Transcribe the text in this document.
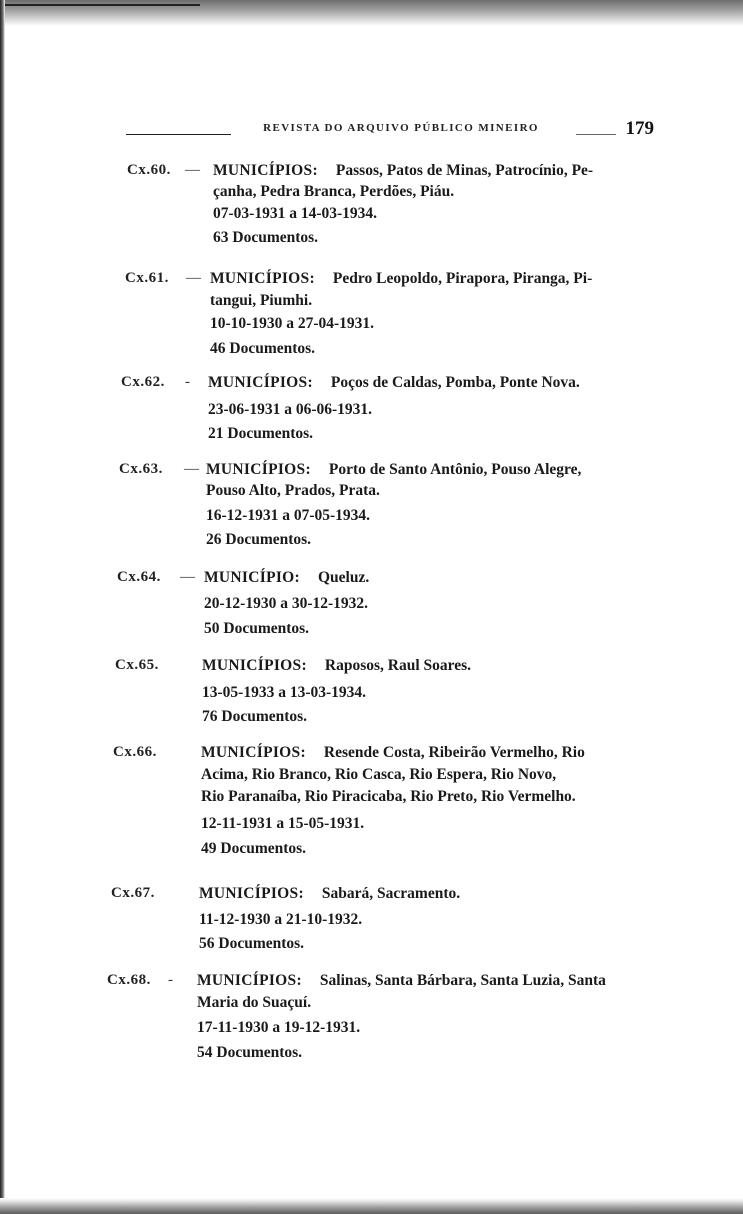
REVISTA DO ARQUIVO PÚBLICO MINEIRO	179
Cx.60. — MUNICÍPIOS: Passos, Patos de Minas, Patrocínio, Pe-
çanha, Pedra Branca, Perdões, Piáu.
07-03-1931 a 14-03-1934.
63 Documentos.
Cx.61. — MUNICÍPIOS: Pedro Leopoldo, Pirapora, Piranga, Pi-
tangui, Piumhi.
10-10-1930 a 27-04-1931.
46 Documentos.
Cx.62. - MUNICÍPIOS: Poços de Caldas, Pomba, Ponte Nova.
23-06-1931 a 06-06-1931.
21 Documentos.
Cx.63. — MUNICÍPIOS: Porto de Santo Antônio, Pouso Alegre,
Pouso Alto, Prados, Prata.
16-12-1931 a 07-05-1934.
26 Documentos.
Cx.64. — MUNICÍPIO: Queluz.
20-12-1930 a 30-12-1932.
50 Documentos.
Cx.65.	MUNICÍPIOS: Raposos, Raul Soares.
13-05-1933 a 13-03-1934.
76 Documentos.
Cx.66.	MUNICÍPIOS: Resende Costa, Ribeirão Vermelho, Rio
Acima, Rio Branco, Rio Casca, Rio Espera, Rio Novo,
Rio Paranaíba, Rio Piracicaba, Rio Preto, Rio Vermelho.
12-11-1931 a 15-05-1931.
49 Documentos.
Cx.67.	MUNICÍPIOS: Sabará, Sacramento.
11-12-1930 a 21-10-1932.
56 Documentos.
Cx.68. - MUNICÍPIOS: Salinas, Santa Bárbara, Santa Luzia, Santa
Maria do Suaçuí.
17-11-1930 a 19-12-1931.
54 Documentos.
